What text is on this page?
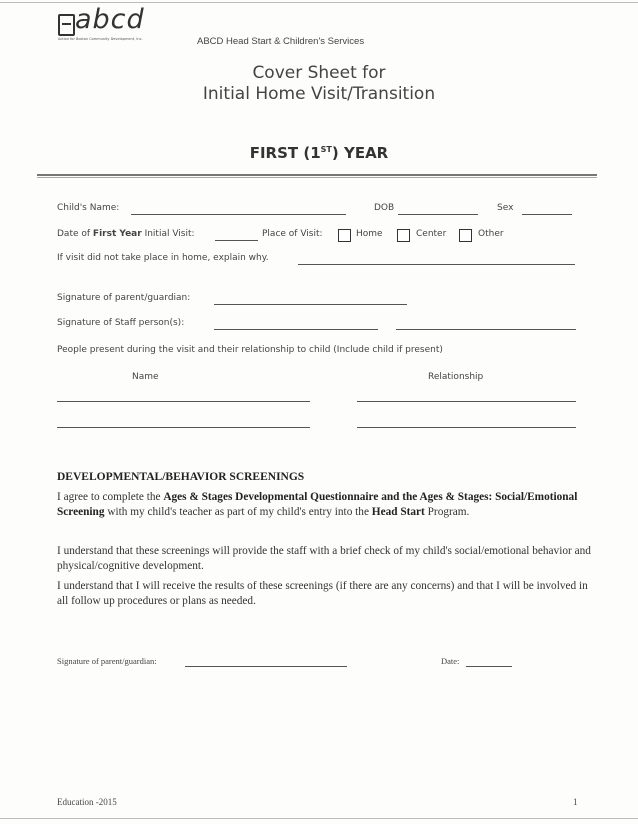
abcd
Action for Boston Community Development, Inc.	ABCD Head Start & Children's Services
Cover Sheet for
Initial Home Visit/Transition
FIRST (1ST) YEAR
Child's Name:	DOB	Sex
Date of First Year Initial Visit:	Place of Visit:	Home	Center	Other
If visit did not take place in home, explain why.
Signature of parent/guardian:
Signature of Staff person(s):
People present during the visit and their relationship to child (Include child if present)
Name	Relationship
DEVELOPMENTAL/BEHAVIOR SCREENINGS
I agree to complete the Ages & Stages Developmental Questionnaire and the Ages & Stages: Social/Emotional Screening with my child's teacher as part of my child's entry into the Head Start Program.
I understand that these screenings will provide the staff with a brief check of my child's social/emotional behavior and physical/cognitive development.
I understand that I will receive the results of these screenings (if there are any concerns) and that I will be involved in all follow up procedures or plans as needed.
Signature of parent/guardian:	Date:
Education -2015	1
